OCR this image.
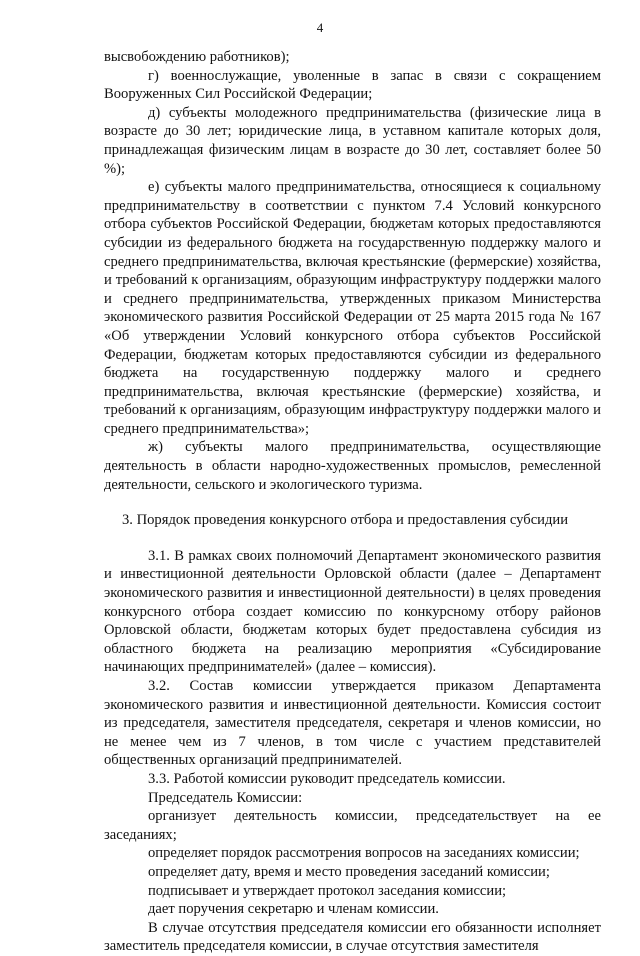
4

высвобождению работников);

г) военнослужащие, уволенные в запас в связи с сокращением Вооруженных Сил Российской Федерации;

д) субъекты молодежного предпринимательства (физические лица в возрасте до 30 лет; юридические лица, в уставном капитале которых доля, принадлежащая физическим лицам в возрасте до 30 лет, составляет более 50 %);

е) субъекты малого предпринимательства, относящиеся к социальному предпринимательству в соответствии с пунктом 7.4 Условий конкурсного отбора субъектов Российской Федерации, бюджетам которых предоставляются субсидии из федерального бюджета на государственную поддержку малого и среднего предпринимательства, включая крестьянские (фермерские) хозяйства, и требований к организациям, образующим инфраструктуру поддержки малого и среднего предпринимательства, утвержденных приказом Министерства экономического развития Российской Федерации от 25 марта 2015 года № 167 «Об утверждении Условий конкурсного отбора субъектов Российской Федерации, бюджетам которых предоставляются субсидии из федерального бюджета на государственную поддержку малого и среднего предпринимательства, включая крестьянские (фермерские) хозяйства, и требований к организациям, образующим инфраструктуру поддержки малого и среднего предпринимательства»;

ж) субъекты малого предпринимательства, осуществляющие деятельность в области народно-художественных промыслов, ремесленной деятельности, сельского и экологического туризма.

3. Порядок проведения конкурсного отбора и предоставления субсидии

3.1. В рамках своих полномочий Департамент экономического развития и инвестиционной деятельности Орловской области (далее – Департамент экономического развития и инвестиционной деятельности) в целях проведения конкурсного отбора создает комиссию по конкурсному отбору районов Орловской области, бюджетам которых будет предоставлена субсидия из областного бюджета на реализацию мероприятия «Субсидирование начинающих предпринимателей» (далее – комиссия).

3.2. Состав комиссии утверждается приказом Департамента экономического развития и инвестиционной деятельности. Комиссия состоит из председателя, заместителя председателя, секретаря и членов комиссии, но не менее чем из 7 членов, в том числе с участием представителей общественных организаций предпринимателей.

3.3. Работой комиссии руководит председатель комиссии.

Председатель Комиссии:

организует деятельность комиссии, председательствует на ее заседаниях;

определяет порядок рассмотрения вопросов на заседаниях комиссии;

определяет дату, время и место проведения заседаний комиссии;

подписывает и утверждает протокол заседания комиссии;

дает поручения секретарю и членам комиссии.

В случае отсутствия председателя комиссии его обязанности исполняет заместитель председателя комиссии, в случае отсутствия заместителя
